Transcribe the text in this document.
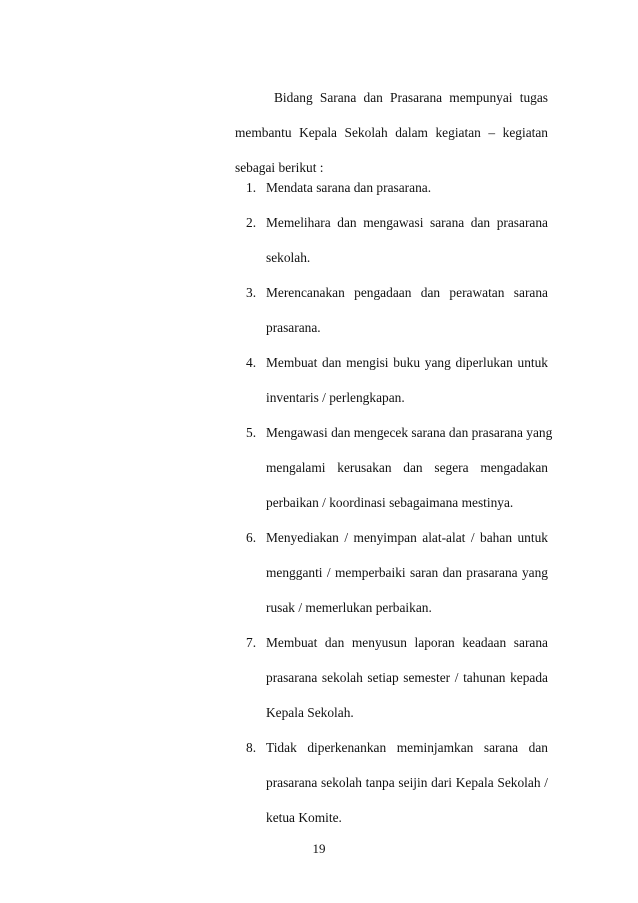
Bidang Sarana dan Prasarana mempunyai tugas
membantu Kepala Sekolah dalam kegiatan – kegiatan
sebagai berikut :
1. Mendata sarana dan prasarana.
2. Memelihara dan mengawasi sarana dan prasarana
sekolah.
3. Merencanakan pengadaan dan perawatan sarana
prasarana.
4. Membuat dan mengisi buku yang diperlukan untuk
inventaris / perlengkapan.
5. Mengawasi dan mengecek sarana dan prasarana yang
mengalami kerusakan dan segera mengadakan
perbaikan / koordinasi sebagaimana mestinya.
6. Menyediakan / menyimpan alat-alat / bahan untuk
mengganti / memperbaiki saran dan prasarana yang
rusak / memerlukan perbaikan.
7. Membuat dan menyusun laporan keadaan sarana
prasarana sekolah setiap semester / tahunan kepada
Kepala Sekolah.
8. Tidak diperkenankan meminjamkan sarana dan
prasarana sekolah tanpa seijin dari Kepala Sekolah /
ketua Komite.
19
